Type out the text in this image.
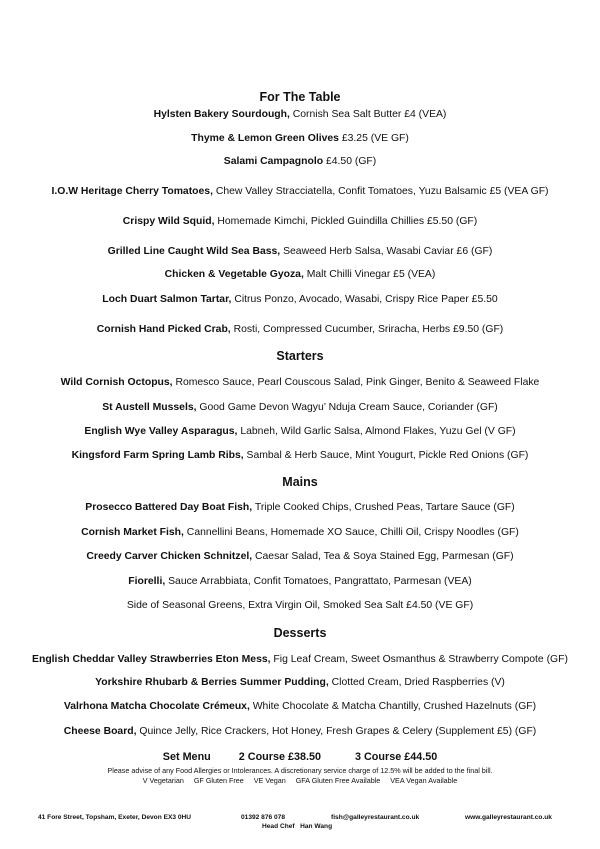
For The Table
Hylsten Bakery Sourdough, Cornish Sea Salt Butter £4 (VEA)
Thyme & Lemon Green Olives £3.25 (VE GF)
Salami Campagnolo £4.50 (GF)
I.O.W Heritage Cherry Tomatoes, Chew Valley Stracciatella, Confit Tomatoes, Yuzu Balsamic £5 (VEA GF)
Crispy Wild Squid, Homemade Kimchi, Pickled Guindilla Chillies £5.50 (GF)
Grilled Line Caught Wild Sea Bass, Seaweed Herb Salsa, Wasabi Caviar £6 (GF)
Chicken & Vegetable Gyoza, Malt Chilli Vinegar £5 (VEA)
Loch Duart Salmon Tartar, Citrus Ponzo, Avocado, Wasabi, Crispy Rice Paper £5.50
Cornish Hand Picked Crab, Rosti, Compressed Cucumber, Sriracha, Herbs £9.50 (GF)
Starters
Wild Cornish Octopus, Romesco Sauce, Pearl Couscous Salad, Pink Ginger, Benito & Seaweed Flake
St Austell Mussels, Good Game Devon Wagyu’ Nduja Cream Sauce, Coriander (GF)
English Wye Valley Asparagus, Labneh, Wild Garlic Salsa, Almond Flakes, Yuzu Gel (V GF)
Kingsford Farm Spring Lamb Ribs, Sambal & Herb Sauce, Mint Yougurt, Pickle Red Onions (GF)
Mains
Prosecco Battered Day Boat Fish, Triple Cooked Chips, Crushed Peas, Tartare Sauce (GF)
Cornish Market Fish, Cannellini Beans, Homemade XO Sauce, Chilli Oil, Crispy Noodles (GF)
Creedy Carver Chicken Schnitzel, Caesar Salad, Tea & Soya Stained Egg, Parmesan (GF)
Fiorelli, Sauce Arrabbiata, Confit Tomatoes, Pangrattato, Parmesan (VEA)
Side of Seasonal Greens, Extra Virgin Oil, Smoked Sea Salt £4.50 (VE GF)
Desserts
English Cheddar Valley Strawberries Eton Mess, Fig Leaf Cream, Sweet Osmanthus & Strawberry Compote (GF)
Yorkshire Rhubarb & Berries Summer Pudding, Clotted Cream, Dried Raspberries (V)
Valrhona Matcha Chocolate Crémeux, White Chocolate & Matcha Chantilly, Crushed Hazelnuts (GF)
Cheese Board, Quince Jelly, Rice Crackers, Hot Honey, Fresh Grapes & Celery (Supplement £5) (GF)
Set Menu	2 Course £38.50	3 Course £44.50
Please advise of any Food Allergies or Intolerances. A discretionary service charge of 12.5% will be added to the final bill.
V Vegetarian     GF Gluten Free     VE Vegan     GFA Gluten Free Available     VEA Vegan Available
41 Fore Street, Topsham, Exeter, Devon EX3 0HU	01392 876 078	fish@galleyrestaurant.co.uk	www.galleyrestaurant.co.uk
Head Chef   Han Wang
